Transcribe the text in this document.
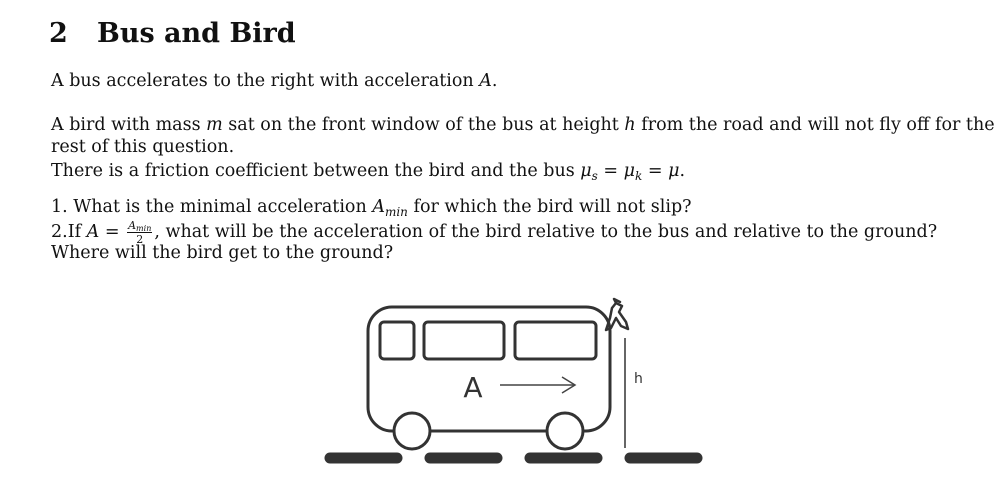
2 Bus and Bird
A bus accelerates to the right with acceleration A.
A bird with mass m sat on the front window of the bus at height h from the road and will not fly off for the
rest of this question.
There is a friction coefficient between the bird and the bus $\mu_s = \mu_k = \mu$.
1. What is the minimal acceleration $A_{min}$ for which the bird will not slip?
2.If $A = \frac{A_{min}}{2}$ , what will be the acceleration of the bird relative to the bus and relative to the ground?
Where will the bird get to the ground?
A	h
